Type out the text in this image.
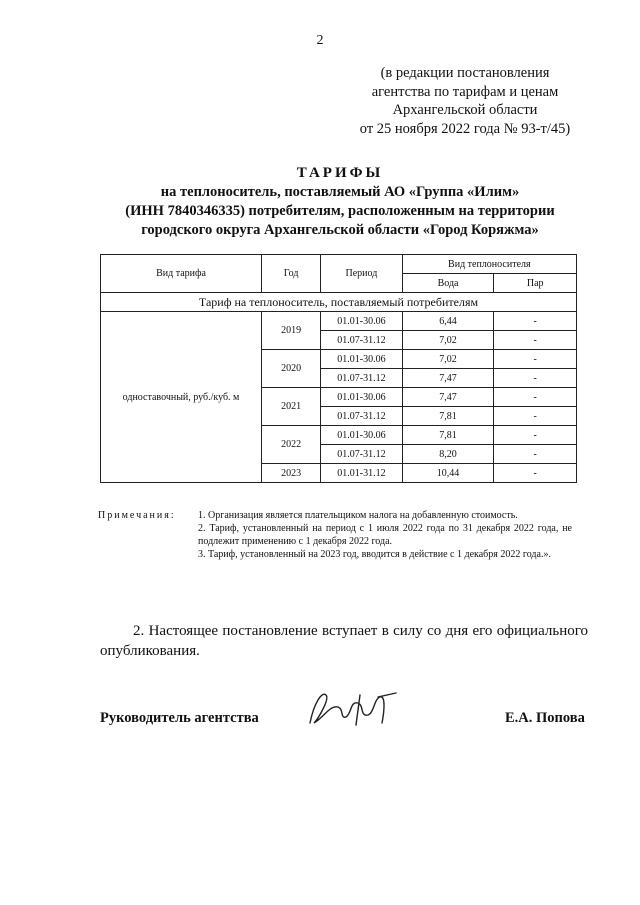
2
(в редакции постановления
агентства по тарифам и ценам
Архангельской области
от 25 ноября 2022 года № 93-т/45)
ТАРИФЫ
на теплоноситель, поставляемый АО «Группа «Илим»
(ИНН 7840346335) потребителям, расположенным на территории
городского округа Архангельской области «Город Коряжма»
Вид тарифа	Год	Период	Вид теплоносителя	
			Вода	Пар
Тариф на теплоноситель, поставляемый потребителям				
одноставочный, руб./куб. м	2019	01.01-30.06	6,44	-
		01.07-31.12	7,02	-
	2020	01.01-30.06	7,02	-
		01.07-31.12	7,47	-
	2021	01.01-30.06	7,47	-
		01.07-31.12	7,81	-
	2022	01.01-30.06	7,81	-
		01.07-31.12	8,20	-
	2023	01.01-31.12	10,44	-
Примечания: 1. Организация является плательщиком налога на добавленную стоимость.
2. Тариф, установленный на период с 1 июля 2022 года по 31 декабря 2022 года, не подлежит применению с 1 декабря 2022 года.
3. Тариф, установленный на 2023 год, вводится в действие с 1 декабря 2022 года.».
2. Настоящее постановление вступает в силу со дня его официального опубликования.
Руководитель агентства	Е.А. Попова
